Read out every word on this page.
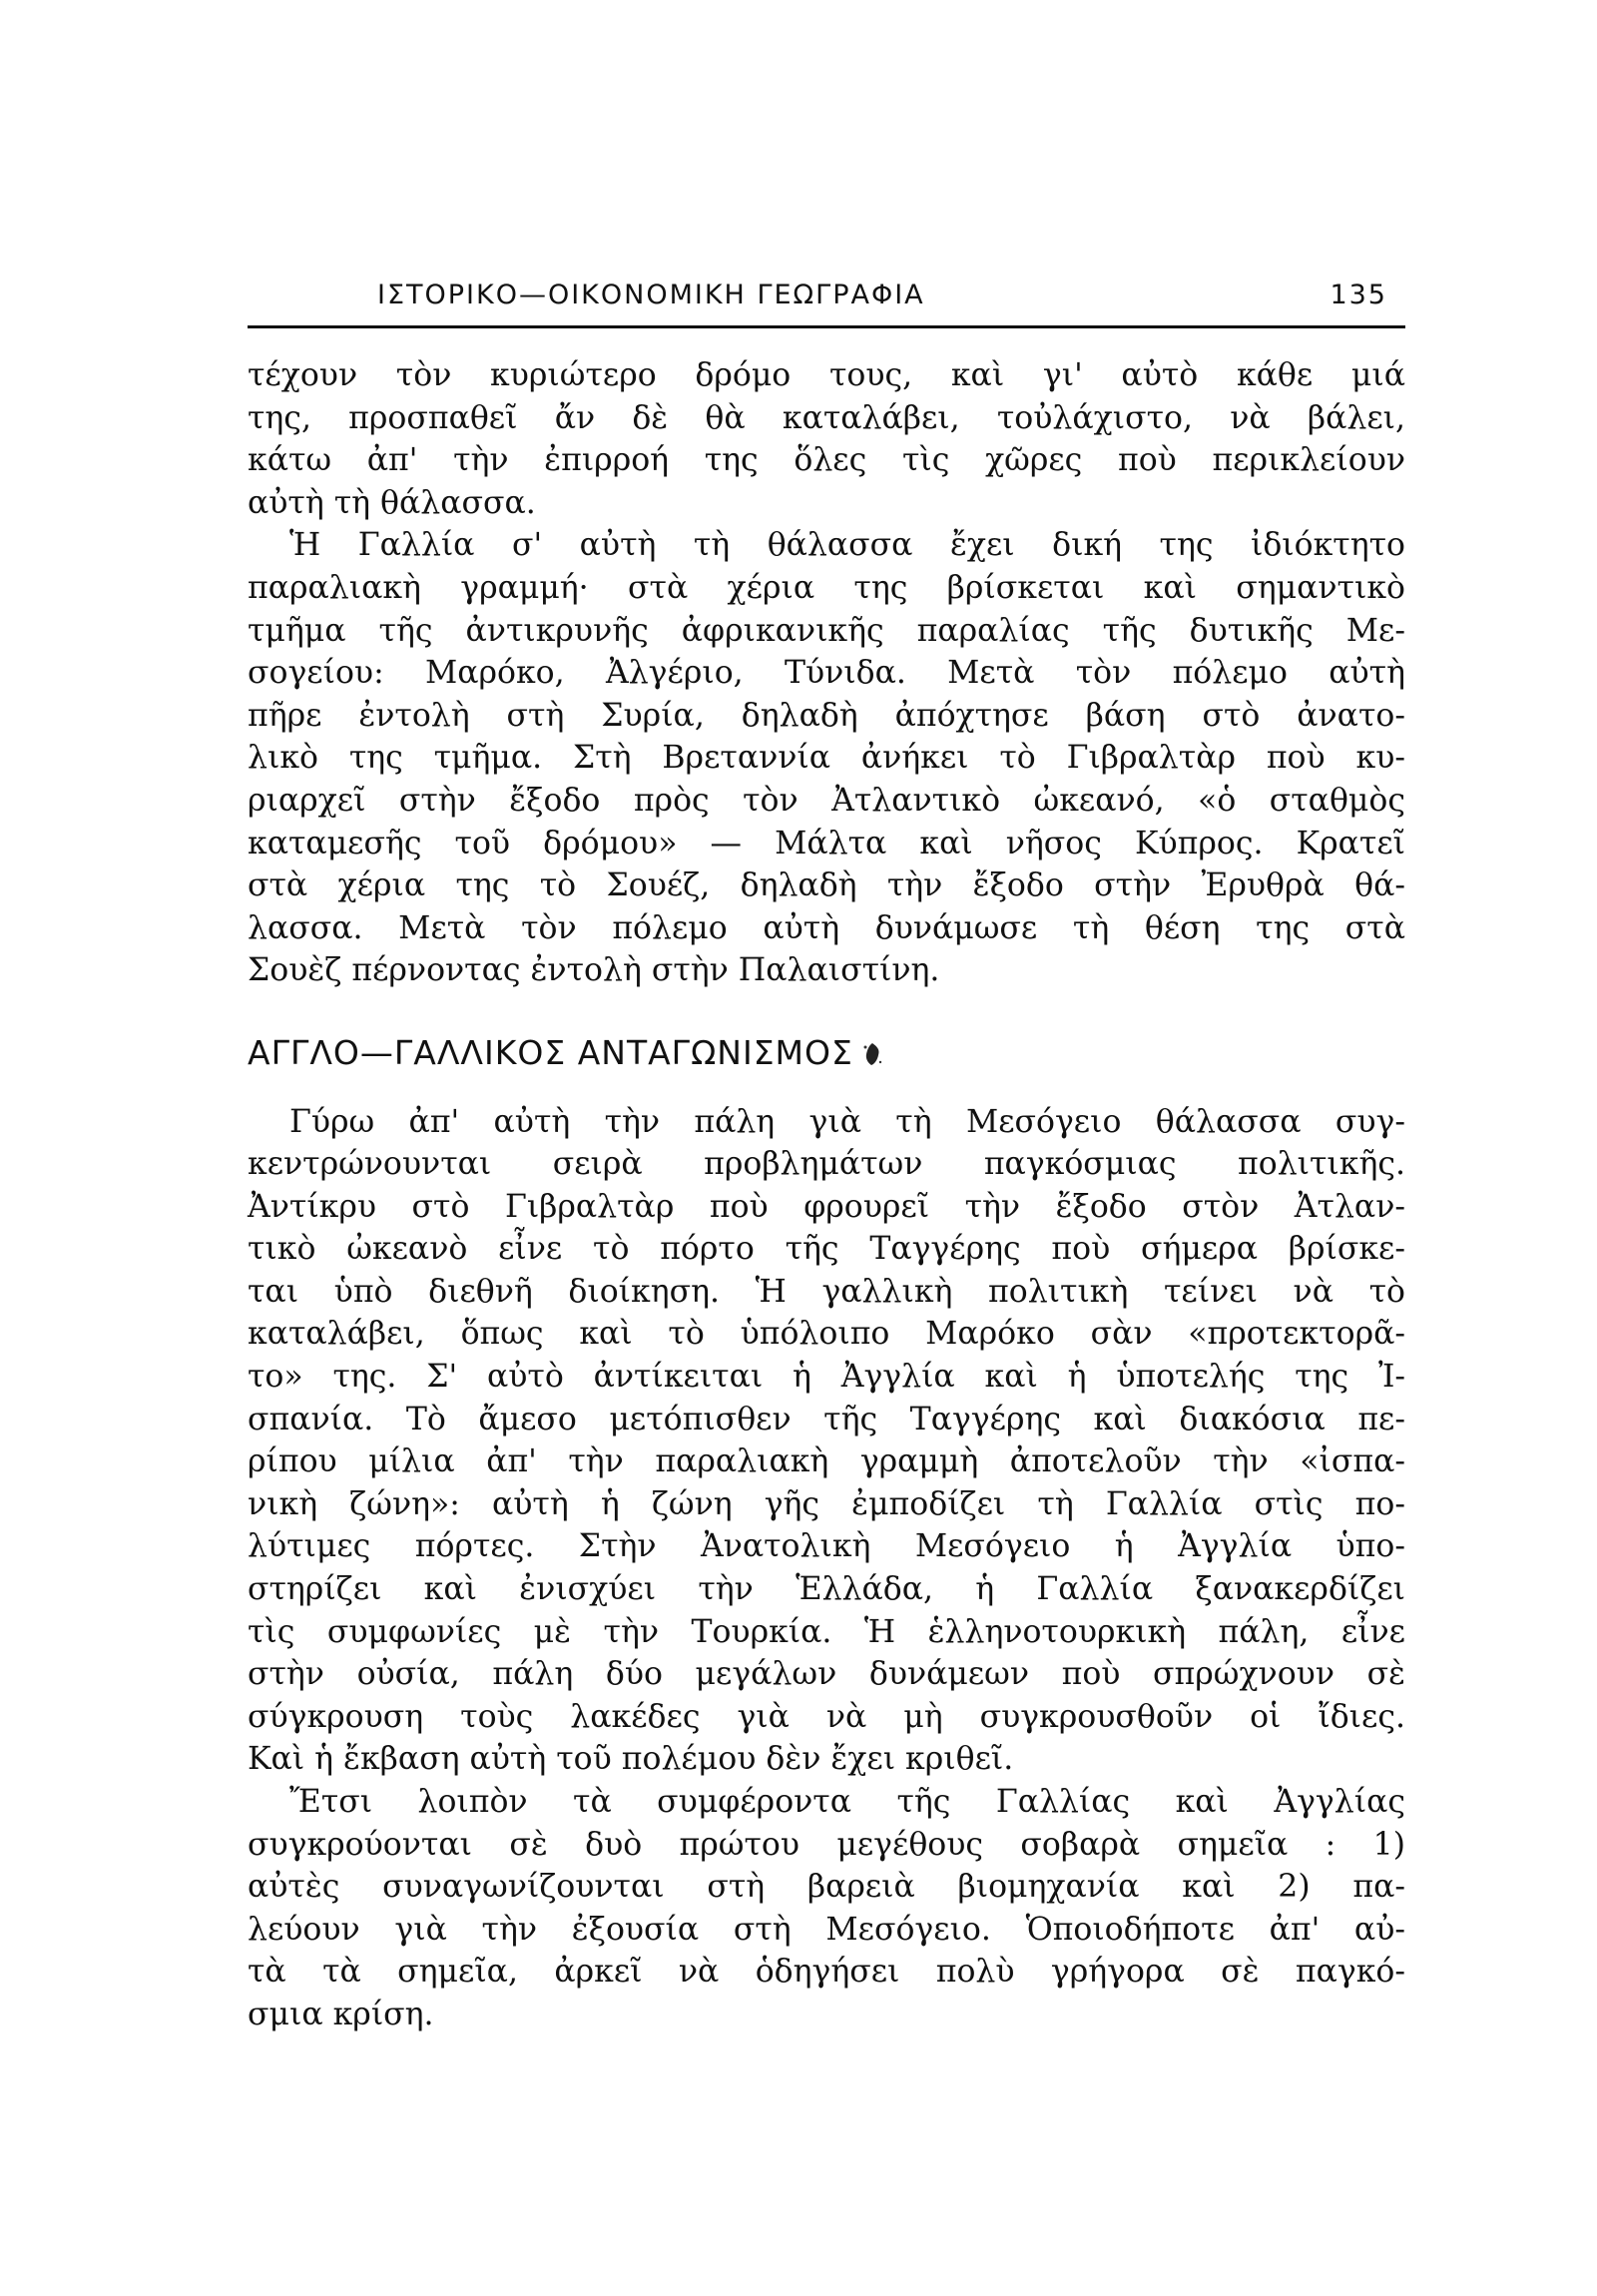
ΙΣΤΟΡΙΚΟ—ΟΙΚΟΝΟΜΙΚΗ ΓΕΩΓΡΑΦΙΑ	135
τέχουν τὸν κυριώτερο δρόμο τους, καὶ γι' αὐτὸ κάθε μιά
της, προσπαθεῖ ἄν δὲ θὰ καταλάβει, τοὐλάχιστο, νὰ βάλει,
κάτω ἀπ' τὴν ἐπιρροή της ὅλες τὶς χῶρες ποὺ περικλείουν
αὐτὴ τὴ θάλασσα.
Ἡ Γαλλία σ' αὐτὴ τὴ θάλασσα ἔχει δική της ἰδιόκτητο
παραλιακὴ γραμμή· στὰ χέρια της βρίσκεται καὶ σημαντικὸ
τμῆμα τῆς ἀντικρυνῆς ἀφρικανικῆς παραλίας τῆς δυτικῆς Με-
σογείου: Μαρόκο, Ἀλγέριο, Τύνιδα. Μετὰ τὸν πόλεμο αὐτὴ
πῆρε ἐντολὴ στὴ Συρία, δηλαδὴ ἀπόχτησε βάση στὸ ἀνατο-
λικὸ της τμῆμα. Στὴ Βρεταννία ἀνήκει τὸ Γιβραλτὰρ ποὺ κυ-
ριαρχεῖ στὴν ἔξοδο πρὸς τὸν Ἀτλαντικὸ ὠκεανό, «ὁ σταθμὸς
καταμεσῆς τοῦ δρόμου» — Μάλτα καὶ νῆσος Κύπρος. Κρατεῖ
στὰ χέρια της τὸ Σουέζ, δηλαδὴ τὴν ἔξοδο στὴν Ἐρυθρὰ θά-
λασσα. Μετὰ τὸν πόλεμο αὐτὴ δυνάμωσε τὴ θέση της στὰ
Σουὲζ πέρνοντας ἐντολὴ στὴν Παλαιστίνη.
ΑΓΓΛΟ—ΓΑΛΛΙΚΟΣ ΑΝΤΑΓΩΝΙΣΜΟΣ
Γύρω ἀπ' αὐτὴ τὴν πάλη γιὰ τὴ Μεσόγειο θάλασσα συγ-
κεντρώνουνται σειρὰ προβλημάτων παγκόσμιας πολιτικῆς.
Ἀντίκρυ στὸ Γιβραλτὰρ ποὺ φρουρεῖ τὴν ἔξοδο στὸν Ἀτλαν-
τικὸ ὠκεανὸ εἶνε τὸ πόρτο τῆς Ταγγέρης ποὺ σήμερα βρίσκε-
ται ὑπὸ διεθνῆ διοίκηση. Ἡ γαλλικὴ πολιτικὴ τείνει νὰ τὸ
καταλάβει, ὅπως καὶ τὸ ὑπόλοιπο Μαρόκο σὰν «προτεκτορᾶ-
το» της. Σ' αὐτὸ ἀντίκειται ἡ Ἀγγλία καὶ ἡ ὑποτελής της Ἰ-
σπανία. Τὸ ἄμεσο μετόπισθεν τῆς Ταγγέρης καὶ διακόσια πε-
ρίπου μίλια ἀπ' τὴν παραλιακὴ γραμμὴ ἀποτελοῦν τὴν «ἰσπα-
νικὴ ζώνη»: αὐτὴ ἡ ζώνη γῆς ἐμποδίζει τὴ Γαλλία στὶς πο-
λύτιμες πόρτες. Στὴν Ἀνατολικὴ Μεσόγειο ἡ Ἀγγλία ὑπο-
στηρίζει καὶ ἐνισχύει τὴν Ἑλλάδα, ἡ Γαλλία ξανακερδίζει
τὶς συμφωνίες μὲ τὴν Τουρκία. Ἡ ἑλληνοτουρκικὴ πάλη, εἶνε
στὴν οὐσία, πάλη δύο μεγάλων δυνάμεων ποὺ σπρώχνουν σὲ
σύγκρουση τοὺς λακέδες γιὰ νὰ μὴ συγκρουσθοῦν οἱ ἴδιες.
Καὶ ἡ ἔκβαση αὐτὴ τοῦ πολέμου δὲν ἔχει κριθεῖ.
Ἔτσι λοιπὸν τὰ συμφέροντα τῆς Γαλλίας καὶ Ἀγγλίας
συγκρούονται σὲ δυὸ πρώτου μεγέθους σοβαρὰ σημεῖα : 1)
αὐτὲς συναγωνίζουνται στὴ βαρειὰ βιομηχανία καὶ 2) πα-
λεύουν γιὰ τὴν ἐξουσία στὴ Μεσόγειο. Ὁποιοδήποτε ἀπ' αὐ-
τὰ τὰ σημεῖα, ἀρκεῖ νὰ ὁδηγήσει πολὺ γρήγορα σὲ παγκό-
σμια κρίση.
